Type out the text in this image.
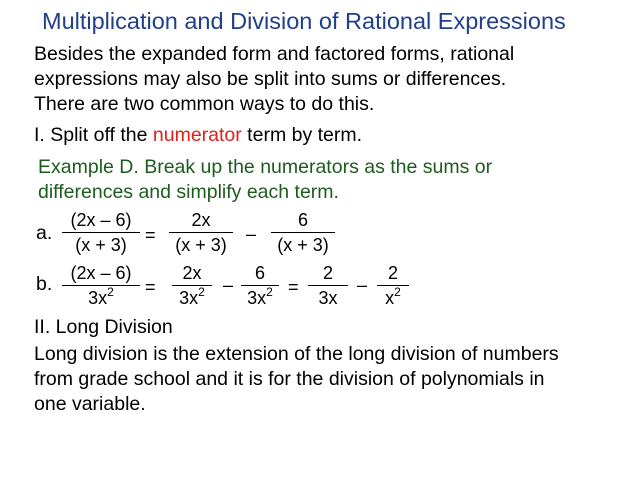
Multiplication and Division of Rational Expressions
Besides the expanded form and factored forms, rational
expressions may also be split into sums or differences.
There are two common ways to do this.
I. Split off the numerator term by term.
Example D. Break up the numerators as the sums or
differences and simplify each term.
a.
(2x – 6)
(x + 3)	=
2x
(x + 3)
–
6
(x + 3)
b.	(2x – 6)
$3x^2$	=
2x
$3x^2$	–
6
$3x^2$ =
2
3x
–
2
$x^2$
II. Long Division
Long division is the extension of the long division of numbers
from grade school and it is for the division of polynomials in
one variable.
